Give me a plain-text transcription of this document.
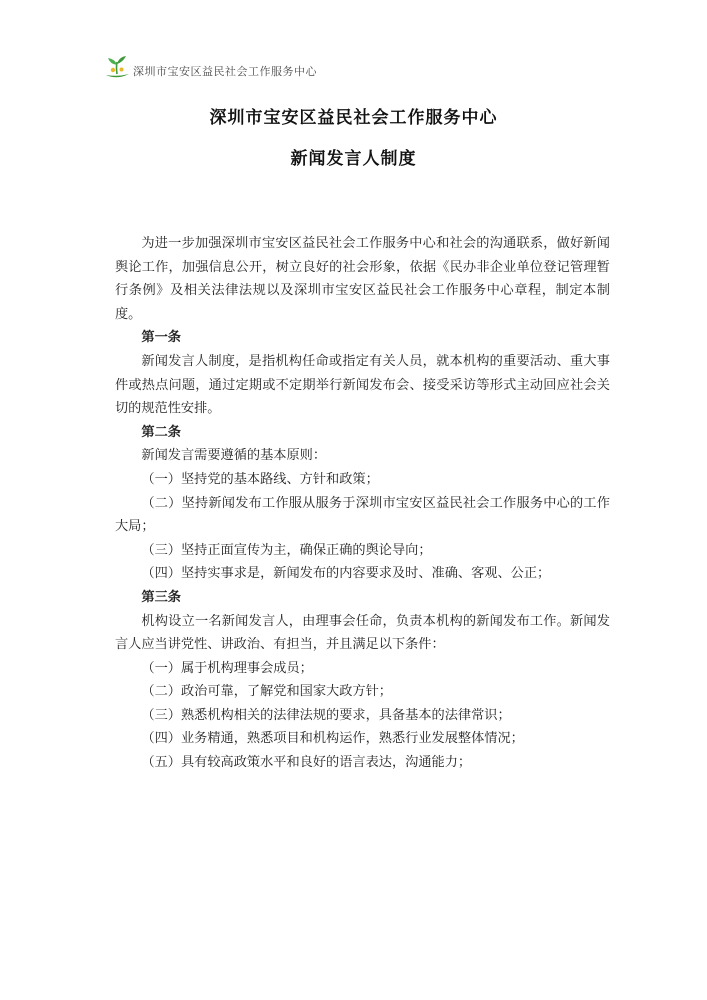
深圳市宝安区益民社会工作服务中心
深圳市宝安区益民社会工作服务中心
新闻发言人制度

为进一步加强深圳市宝安区益民社会工作服务中心和社会的沟通联系，做好新闻舆论工作，加强信息公开，树立良好的社会形象，依据《民办非企业单位登记管理暂行条例》及相关法律法规以及深圳市宝安区益民社会工作服务中心章程，制定本制度。

第一条

新闻发言人制度，是指机构任命或指定有关人员，就本机构的重要活动、重大事件或热点问题，通过定期或不定期举行新闻发布会、接受采访等形式主动回应社会关切的规范性安排。

第二条

新闻发言需要遵循的基本原则：

（一）坚持党的基本路线、方针和政策；

（二）坚持新闻发布工作服从服务于深圳市宝安区益民社会工作服务中心的工作大局；

（三）坚持正面宣传为主，确保正确的舆论导向；

（四）坚持实事求是，新闻发布的内容要求及时、准确、客观、公正；

第三条

机构设立一名新闻发言人，由理事会任命，负责本机构的新闻发布工作。新闻发言人应当讲党性、讲政治、有担当，并且满足以下条件：

（一）属于机构理事会成员；

（二）政治可靠，了解党和国家大政方针；

（三）熟悉机构相关的法律法规的要求，具备基本的法律常识；

（四）业务精通，熟悉项目和机构运作，熟悉行业发展整体情况；

（五）具有较高政策水平和良好的语言表达，沟通能力；
